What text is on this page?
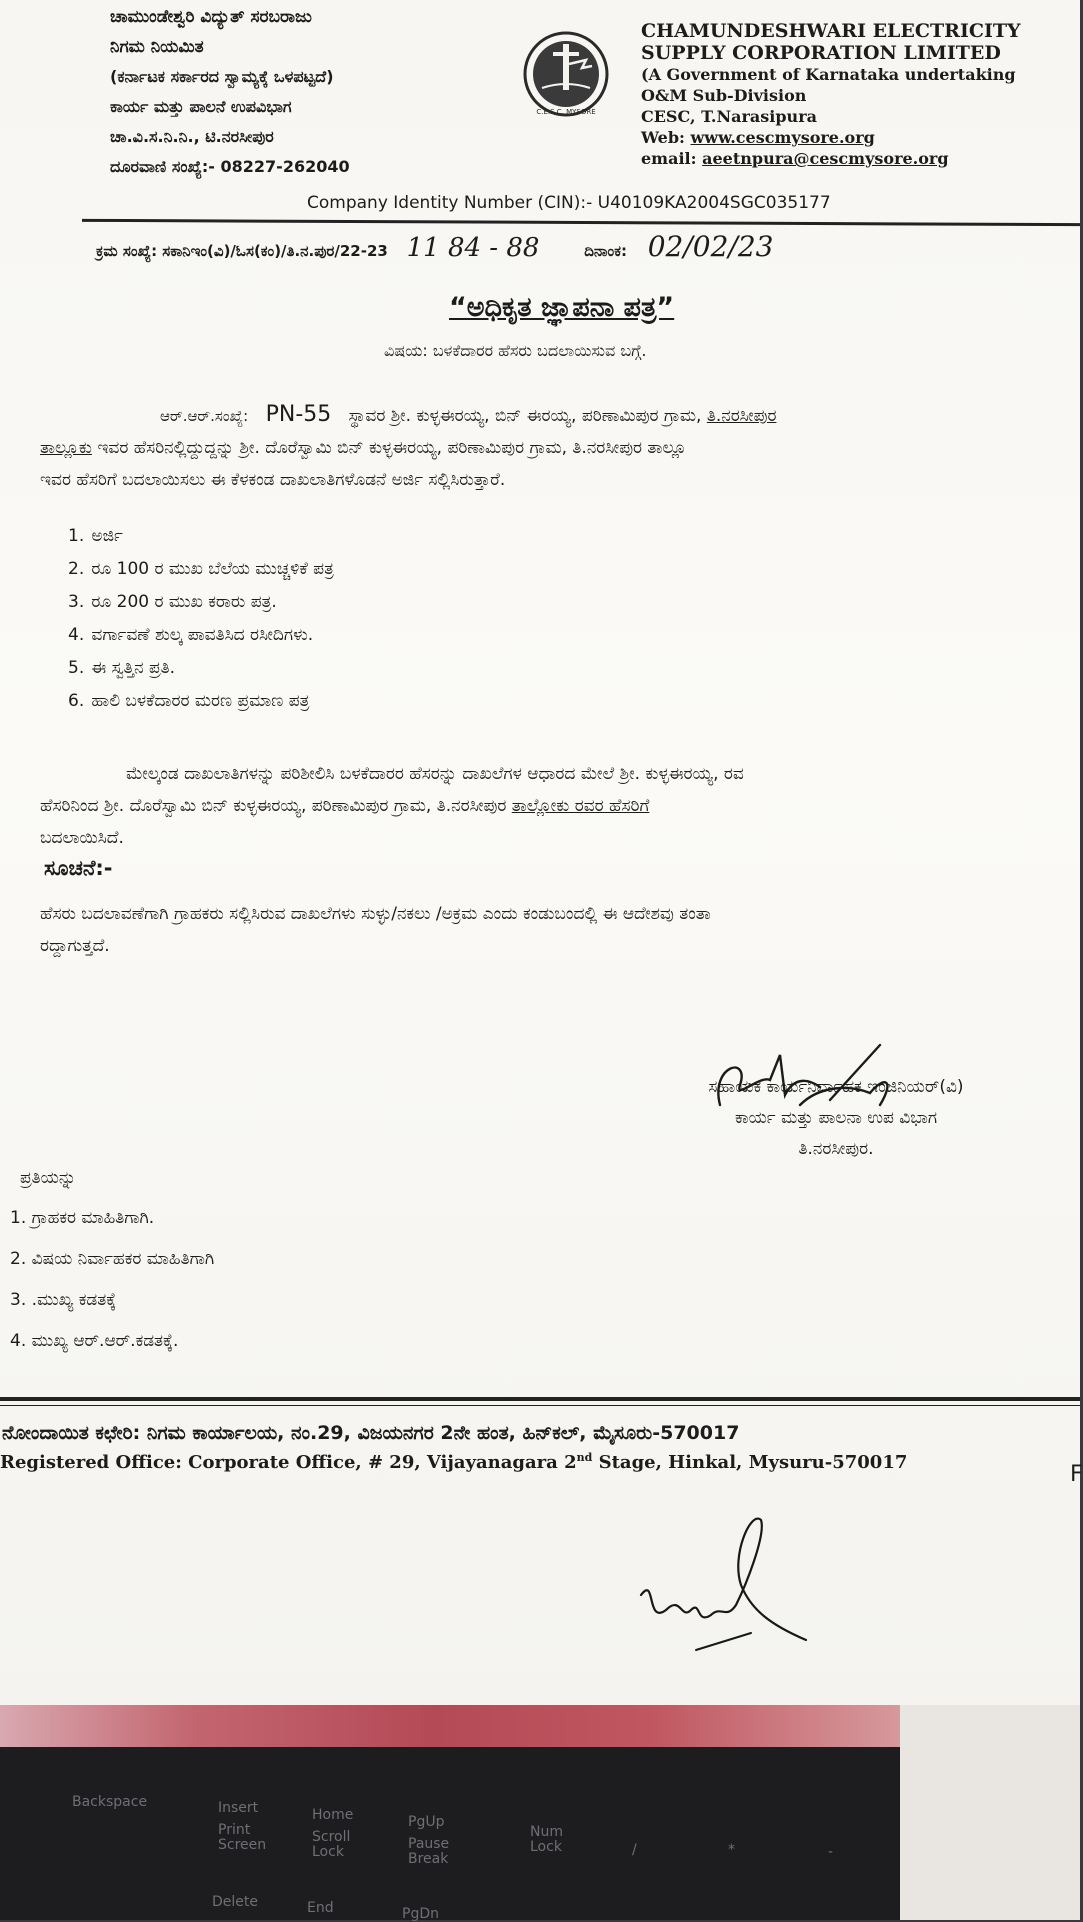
ಚಾಮುಂಡೇಶ್ವರಿ ವಿದ್ಯುತ್ ಸರಬರಾಜು
ನಿಗಮ ನಿಯಮಿತ
(ಕರ್ನಾಟಕ ಸರ್ಕಾರದ ಸ್ವಾಮ್ಯಕ್ಕೆ ಒಳಪಟ್ಟದೆ)
ಕಾರ್ಯ ಮತ್ತು ಪಾಲನೆ ಉಪವಿಭಾಗ
ಚಾ.ವಿ.ಸ.ನಿ.ನಿ., ಟಿ.ನರಸೀಪುರ
ದೂರವಾಣಿ ಸಂಖ್ಯೆ:- 08227-262040
C.E.S.C. MYSORE
CHAMUNDESHWARI ELECTRICITY
SUPPLY CORPORATION LIMITED
(A Government of Karnataka undertaking
O&M Sub-Division
CESC, T.Narasipura
Web: www.cescmysore.org
email: aeetnpura@cescmysore.org
Company Identity Number (CIN):- U40109KA2004SGC035177
ಕ್ರಮ ಸಂಖ್ಯೆ: ಸಕಾನಿಇಂ(ವಿ)/ಓಸ(ಕಂ)/ತಿ.ನ.ಪುರ/22-23 11 84 - 88	ದಿನಾಂಕ: 02/02/23
“ಅಧಿಕೃತ ಜ್ಞಾಪನಾ ಪತ್ರ”
ವಿಷಯ: ಬಳಕೆದಾರರ ಹೆಸರು ಬದಲಾಯಿಸುವ ಬಗ್ಗೆ.
ಆರ್.ಆರ್.ಸಂಖ್ಯೆ: PN-55 ಸ್ಥಾವರ ಶ್ರೀ. ಕುಳ್ಳಈರಯ್ಯ, ಬಿನ್ ಈರಯ್ಯ, ಪರಿಣಾಮಿಪುರ ಗ್ರಾಮ, ತಿ.ನರಸೀಪುರ
ತಾಲ್ಲೂಕು ಇವರ ಹೆಸರಿನಲ್ಲಿದ್ದುದ್ದನ್ನು ಶ್ರೀ. ದೊರೆಸ್ವಾಮಿ ಬಿನ್ ಕುಳ್ಳಈರಯ್ಯ, ಪರಿಣಾಮಿಪುರ ಗ್ರಾಮ, ತಿ.ನರಸೀಪುರ ತಾಲ್ಲೂ
ಇವರ ಹೆಸರಿಗೆ ಬದಲಾಯಿಸಲು ಈ ಕೆಳಕಂಡ ದಾಖಲಾತಿಗಳೊಡನೆ ಅರ್ಜಿ ಸಲ್ಲಿಸಿರುತ್ತಾರೆ.
1. ಅರ್ಜಿ
2. ರೂ 100 ರ ಮುಖ ಬೆಲೆಯ ಮುಚ್ಚಳಿಕೆ ಪತ್ರ
3. ರೂ 200 ರ ಮುಖ ಕರಾರು ಪತ್ರ.
4. ವರ್ಗಾವಣೆ ಶುಲ್ಕ ಪಾವತಿಸಿದ ರಸೀದಿಗಳು.
5. ಈ ಸ್ವತ್ತಿನ ಪ್ರತಿ.
6. ಹಾಲಿ ಬಳಕೆದಾರರ ಮರಣ ಪ್ರಮಾಣ ಪತ್ರ
ಮೇಲ್ಕಂಡ ದಾಖಲಾತಿಗಳನ್ನು ಪರಿಶೀಲಿಸಿ ಬಳಕೆದಾರರ ಹೆಸರನ್ನು ದಾಖಲೆಗಳ ಆಧಾರದ ಮೇಲೆ ಶ್ರೀ. ಕುಳ್ಳಈರಯ್ಯ, ರವ
ಹೆಸರಿನಿಂದ ಶ್ರೀ. ದೊರೆಸ್ವಾಮಿ ಬಿನ್ ಕುಳ್ಳಈರಯ್ಯ, ಪರಿಣಾಮಿಪುರ ಗ್ರಾಮ, ತಿ.ನರಸೀಪುರ ತಾಲ್ಲೋಕು ರವರ ಹೆಸರಿಗೆ
ಬದಲಾಯಿಸಿದೆ.
ಸೂಚನೆ:-
ಹೆಸರು ಬದಲಾವಣೆಗಾಗಿ ಗ್ರಾಹಕರು ಸಲ್ಲಿಸಿರುವ ದಾಖಲೆಗಳು ಸುಳ್ಳು/ನಕಲು /ಅಕ್ರಮ ಎಂದು ಕಂಡುಬಂದಲ್ಲಿ ಈ ಆದೇಶವು ತಂತಾ
ರದ್ದಾಗುತ್ತದೆ.
ಸಹಾಯಕ ಕಾರ್ಯನಿರ್ವಾಹಕ ಇಂಜಿನಿಯರ್(ವಿ)
ಕಾರ್ಯ ಮತ್ತು ಪಾಲನಾ ಉಪ ವಿಭಾಗ
ತಿ.ನರಸೀಪುರ.
ಪ್ರತಿಯನ್ನು
1. ಗ್ರಾಹಕರ ಮಾಹಿತಿಗಾಗಿ.
2. ವಿಷಯ ನಿರ್ವಾಹಕರ ಮಾಹಿತಿಗಾಗಿ
3. .ಮುಖ್ಯ ಕಡತಕ್ಕೆ
4. ಮುಖ್ಯ ಆರ್.ಆರ್.ಕಡತಕ್ಕೆ.
ನೋಂದಾಯಿತ ಕಛೇರಿ: ನಿಗಮ ಕಾರ್ಯಾಲಯ, ನಂ.29, ವಿಜಯನಗರ 2ನೇ ಹಂತ, ಹಿನ್‌ಕಲ್, ಮೈಸೂರು-570017
Registered Office: Corporate Office, # 29, Vijayanagara 2nd Stage, Hinkal, Mysuru-570017	F
Backspace	Insert	Home	PgUp
Num Lock
Print Screen	Scroll Lock	Pause Break
/	*	-
Delete	End	PgDn
